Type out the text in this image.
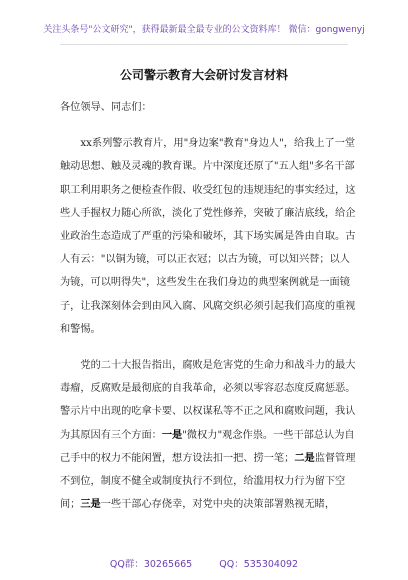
关注头条号"公文研究"，获得最新最全最专业的公文资料库！ 微信：gongwenyj
公司警示教育大会研讨发言材料

各位领导、同志们：

xx系列警示教育片，用"身边案"教育"身边人"，给我上了一堂触动思想、触及灵魂的教育课。片中深度还原了"五人组"多名干部职工利用职务之便检查作假、收受红包的违规违纪的事实经过，这些人手握权力随心所欲，淡化了党性修养，突破了廉洁底线，给企业政治生态造成了严重的污染和破坏，其下场实属是咎由自取。古人有云："以铜为镜，可以正衣冠；以古为镜，可以知兴替；以人为镜，可以明得失"，这些发生在我们身边的典型案例就是一面镜子，让我深刻体会到由风入腐、风腐交织必须引起我们高度的重视和警惕。

党的二十大报告指出，腐败是危害党的生命力和战斗力的最大毒瘤，反腐败是最彻底的自我革命，必须以零容忍态度反腐惩恶。警示片中出现的吃拿卡要、以权谋私等不正之风和腐败问题，我认为其原因有三个方面：一是"微权力"观念作祟。一些干部总认为自己手中的权力不能闲置，想方设法扣一把、捞一笔；二是监督管理不到位，制度不健全或制度执行不到位，给滥用权力行为留下空间；三是一些干部心存侥幸，对党中央的决策部署熟视无睹，

QQ群：30265665	QQ：535304092
